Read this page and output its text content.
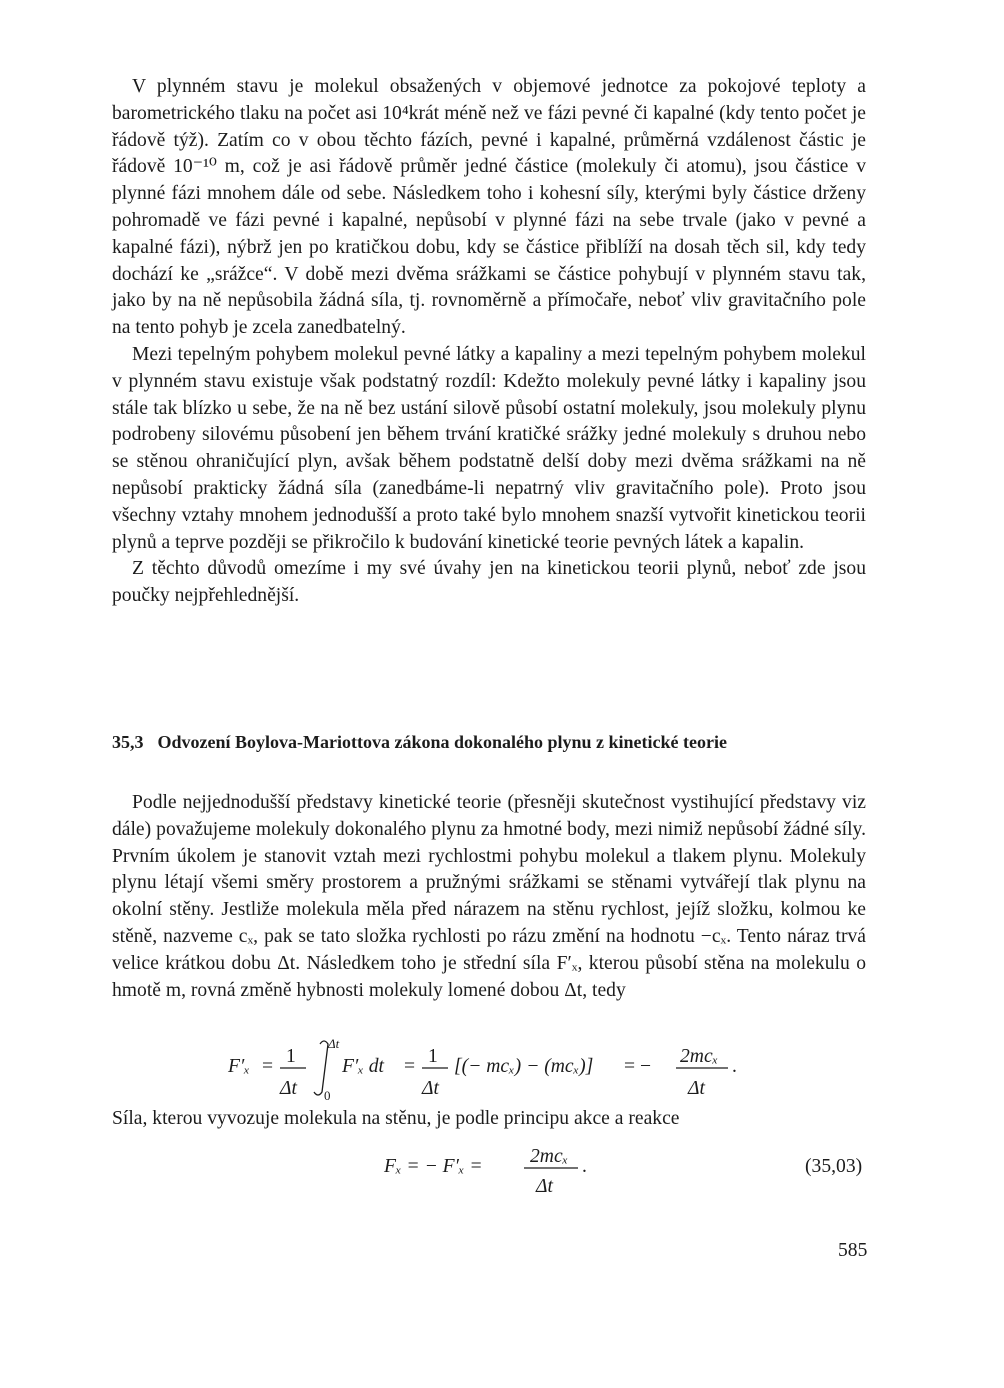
V plynném stavu je molekul obsažených v objemové jednotce za pokojové teploty a barometrického tlaku na počet asi 10⁴krát méně než ve fázi pevné či kapalné (kdy tento počet je řádově týž). Zatím co v obou těchto fázích, pevné i kapalné, průměrná vzdálenost částic je řádově 10⁻¹⁰ m, což je asi řádově průměr jedné částice (molekuly či atomu), jsou částice v plynné fázi mnohem dále od sebe. Následkem toho i kohesní síly, kterými byly částice drženy pohromadě ve fázi pevné i kapalné, nepůsobí v plynné fázi na sebe trvale (jako v pevné a kapalné fázi), nýbrž jen po kratičkou dobu, kdy se částice přiblíží na dosah těch sil, kdy tedy dochází ke „srážce“. V době mezi dvěma srážkami se částice pohybují v plynném stavu tak, jako by na ně nepůsobila žádná síla, tj. rovnoměrně a přímočaře, neboť vliv gravitačního pole na tento pohyb je zcela zanedbatelný.

Mezi tepelným pohybem molekul pevné látky a kapaliny a mezi tepelným pohybem molekul v plynném stavu existuje však podstatný rozdíl: Kdežto molekuly pevné látky i kapaliny jsou stále tak blízko u sebe, že na ně bez ustání silově působí ostatní molekuly, jsou molekuly plynu podrobeny silovému působení jen během trvání kratičké srážky jedné molekuly s druhou nebo se stěnou ohraničující plyn, avšak během podstatně delší doby mezi dvěma srážkami na ně nepůsobí prakticky žádná síla (zanedbáme-li nepatrný vliv gravitačního pole). Proto jsou všechny vztahy mnohem jednodušší a proto také bylo mnohem snazší vytvořit kinetickou teorii plynů a teprve později se přikročilo k budování kinetické teorie pevných látek a kapalin.

Z těchto důvodů omezíme i my své úvahy jen na kinetickou teorii plynů, neboť zde jsou poučky nejpřehlednější.

35,3 Odvození Boylova-Mariottova zákona dokonalého plynu z kinetické teorie

Podle nejjednodušší představy kinetické teorie (přesněji skutečnost vystihující představy viz dále) považujeme molekuly dokonalého plynu za hmotné body, mezi nimiž nepůsobí žádné síly. Prvním úkolem je stanovit vztah mezi rychlostmi pohybu molekul a tlakem plynu. Molekuly plynu létají všemi směry prostorem a pružnými srážkami se stěnami vytvářejí tlak plynu na okolní stěny. Jestliže molekula měla před nárazem na stěnu rychlost, jejíž složku, kolmou ke stěně, nazveme cₓ, pak se tato složka rychlosti po rázu změní na hodnotu −cₓ. Tento náraz trvá velice krátkou dobu Δt. Následkem toho je střední síla F′ₓ, kterou působí stěna na molekulu o hmotě m, rovná změně hybnosti molekuly lomené dobou Δt, tedy

F′ₓ = 1
Δt
Δt
0
F′ₓ dt = 1
Δt
[(− mcₓ) − (mcₓ)] = − 2mcₓ
Δt
.
Síla, kterou vyvozuje molekula na stěnu, je podle principu akce a reakce
Fₓ = − F′ₓ = 2mcₓ
Δt
.	(35,03)
585
